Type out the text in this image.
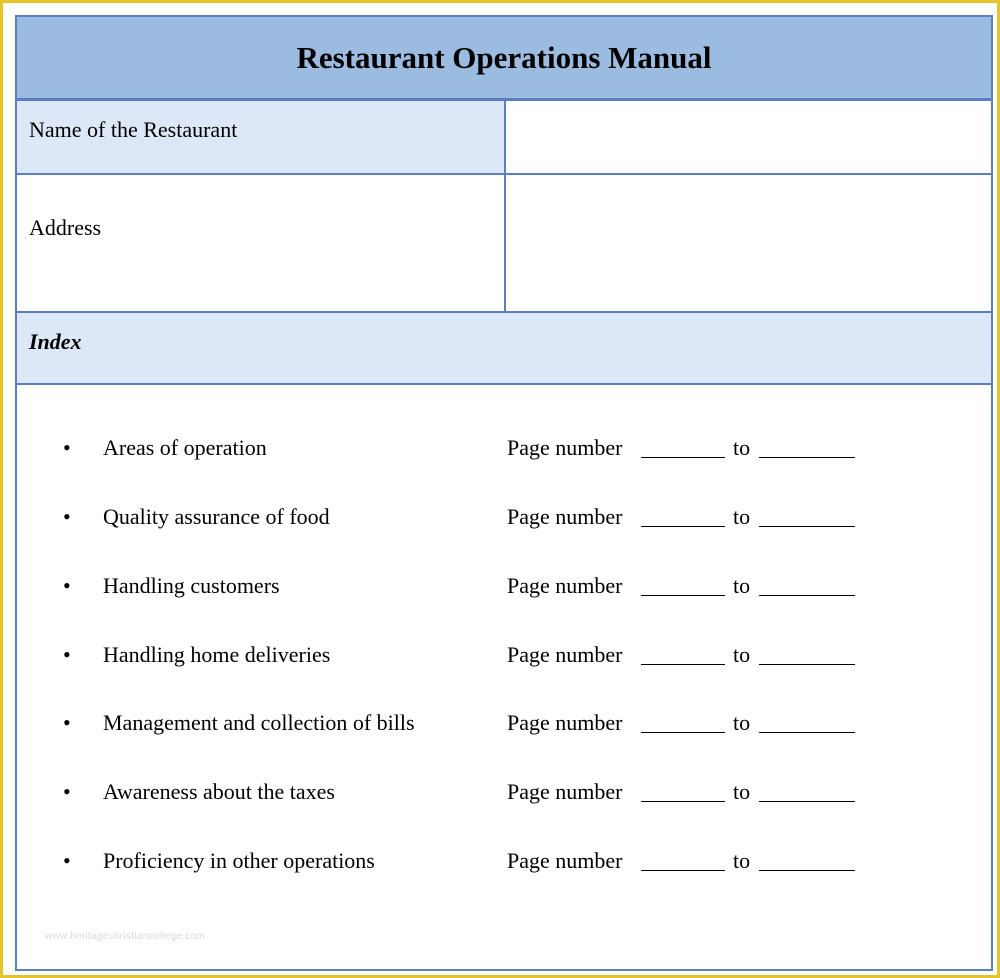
Restaurant Operations Manual
Name of the Restaurant
Address
Index
• Areas of operation	Page number	to
• Quality assurance of food	Page number	to
• Handling customers	Page number	to
• Handling home deliveries	Page number	to
• Management and collection of bills	Page number	to
• Awareness about the taxes	Page number	to
• Proficiency in other operations	Page number	to
www.heritagechristiancollege.com
